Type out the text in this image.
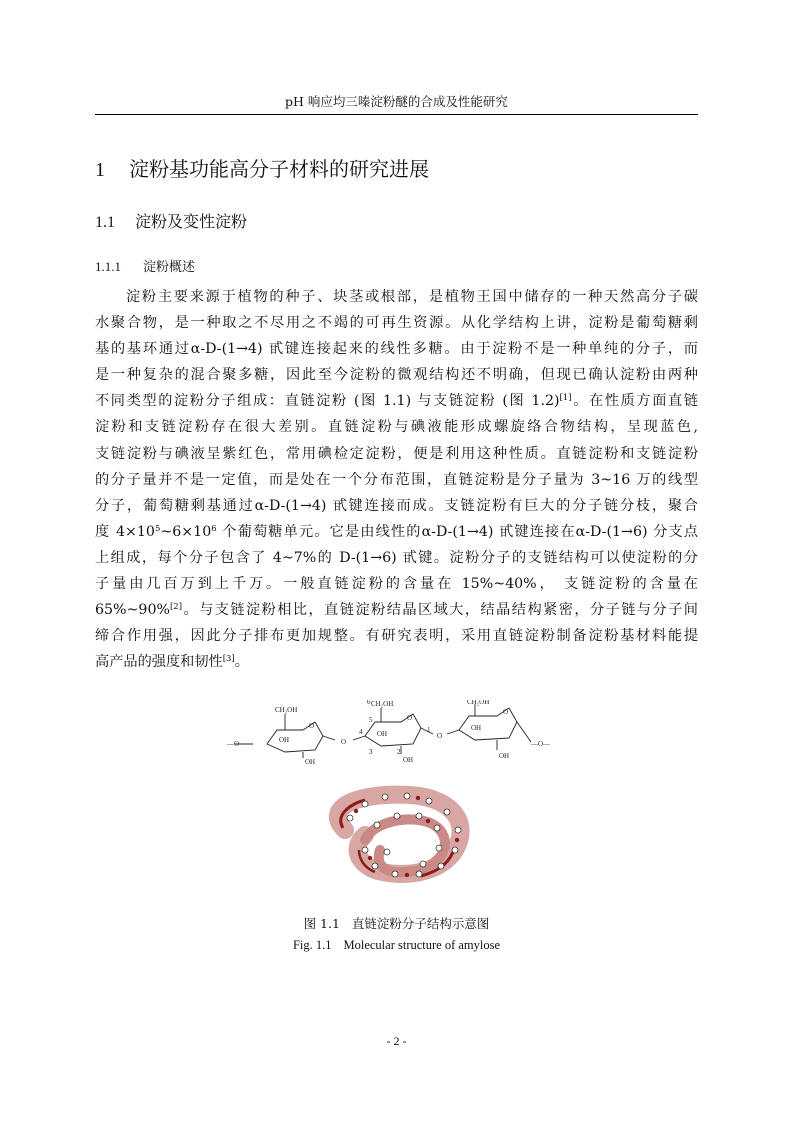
pH 响应均三嗪淀粉醚的合成及性能研究
1 淀粉基功能高分子材料的研究进展
1.1 淀粉及变性淀粉
1.1.1 淀粉概述
淀粉主要来源于植物的种子、块茎或根部，是植物王国中储存的一种天然高分子碳
水聚合物，是一种取之不尽用之不竭的可再生资源。从化学结构上讲，淀粉是葡萄糖剩
基的基环通过α-D-(1→4) 甙键连接起来的线性多糖。由于淀粉不是一种单纯的分子，而
是一种复杂的混合聚多糖，因此至今淀粉的微观结构还不明确，但现已确认淀粉由两种
不同类型的淀粉分子组成：直链淀粉 (图 1.1) 与支链淀粉 (图 1.2)[1]。在性质方面直链
淀粉和支链淀粉存在很大差别。直链淀粉与碘液能形成螺旋络合物结构，呈现蓝色,
支链淀粉与碘液呈紫红色，常用碘检定淀粉，便是利用这种性质。直链淀粉和支链淀粉
的分子量并不是一定值，而是处在一个分布范围，直链淀粉是分子量为 3~16 万的线型
分子，葡萄糖剩基通过α-D-(1→4) 甙键连接而成。支链淀粉有巨大的分子链分枝，聚合
度 $4\times 10^5\sim 6\times 10^6$ 个葡萄糖单元。它是由线性的α-D-(1→4) 甙键连接在α-D-(1→6) 分支点
上组成，每个分子包含了 4~7%的 D-(1→6) 甙键。淀粉分子的支链结构可以使淀粉的分
子量由几百万到上千万。一般直链淀粉的含量在 15%~40%， 支链淀粉的含量在
65%~90%[2]。与支链淀粉相比，直链淀粉结晶区域大，结晶结构紧密，分子链与分子间
缔合作用强，因此分子排布更加规整。有研究表明，采用直链淀粉制备淀粉基材料能提
高产品的强度和韧性[3]。
—O—
CH₂OH
O
OH
OH
O
CH₂OH
6
5
4
3	2
1
O
OH
OH
O
CH₂OH
O
OH
OH
—O—
图 1.1 直链淀粉分子结构示意图
Fig. 1.1 Molecular structure of amylose
- 2 -
